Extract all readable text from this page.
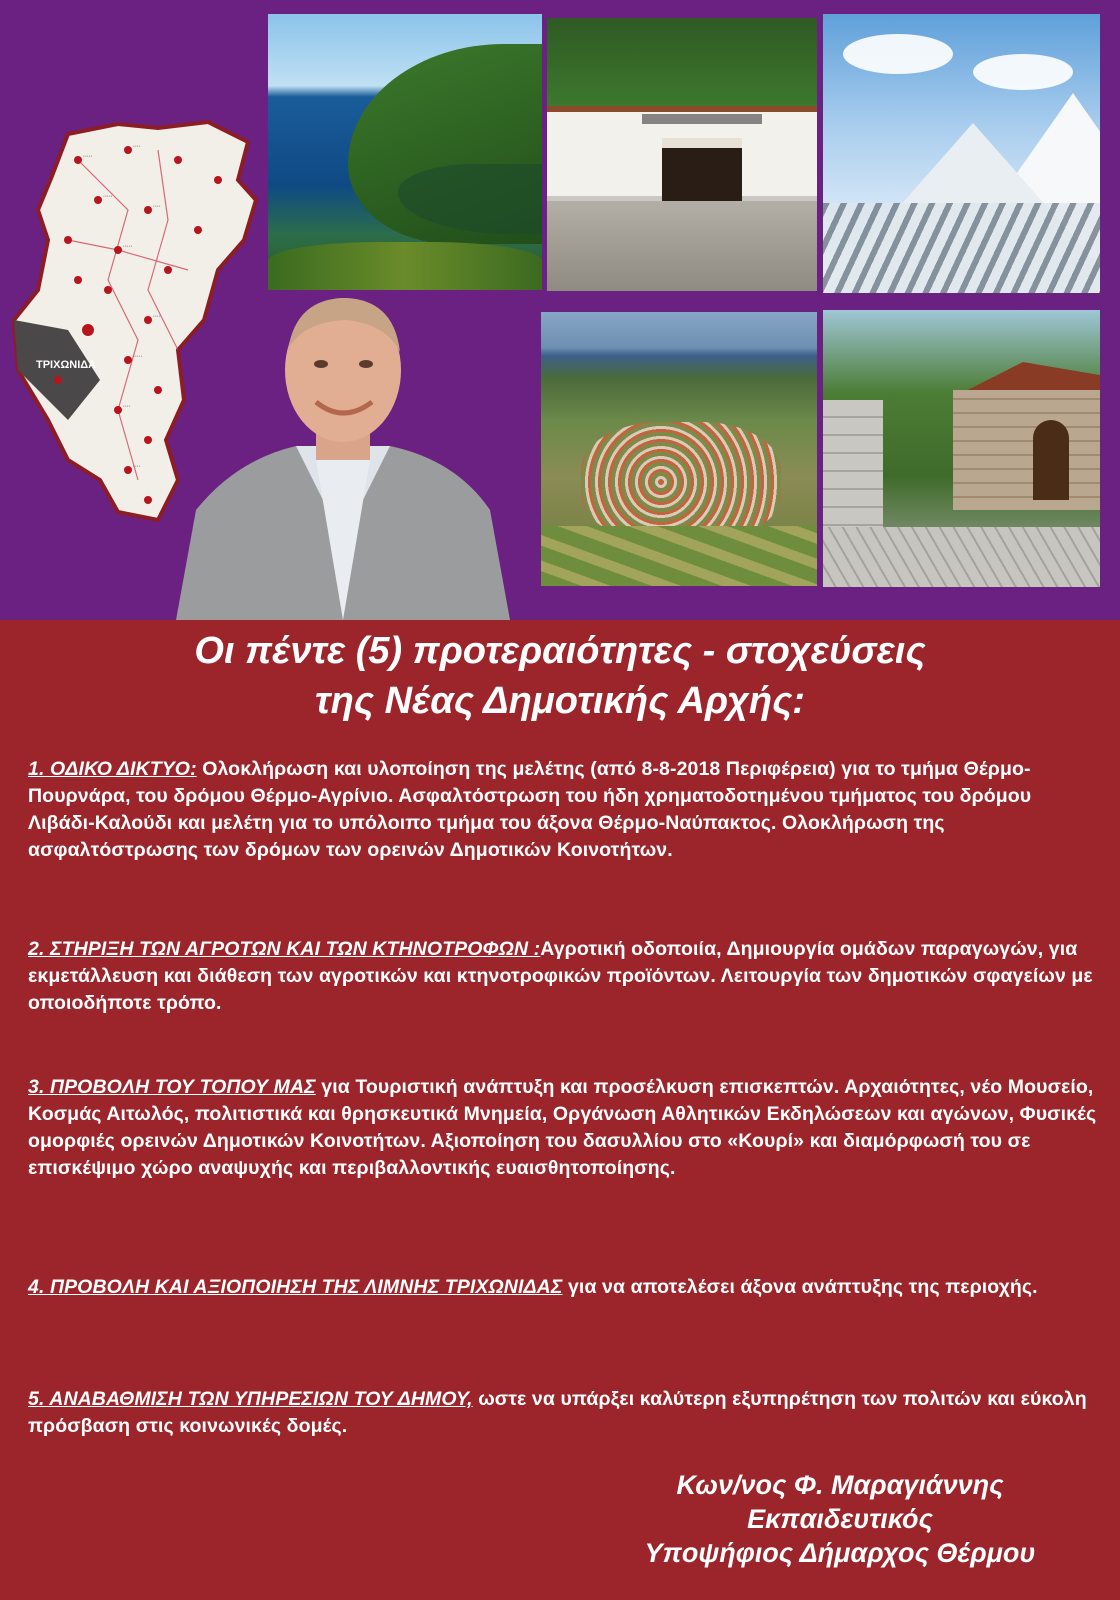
∙∙∙∙∙
∙∙∙∙
∙∙∙∙∙
∙∙∙∙
∙∙∙∙∙
∙∙∙∙
∙∙∙∙∙
∙∙∙∙
∙∙∙∙
ΤΡΙΧΩΝΙΔΑ
Οι πέντε (5) προτεραιότητες - στοχεύσεις
της Νέας Δημοτικής Αρχής:

1. ΟΔΙΚΟ ΔΙΚΤΥΟ: Ολοκλήρωση και υλοποίηση της μελέτης (από 8-8-2018 Περιφέρεια) για το τμήμα Θέρμο-Πουρνάρα, του δρόμου Θέρμο-Αγρίνιο. Ασφαλτόστρωση του ήδη χρηματοδοτημένου τμήματος του δρόμου Λιβάδι-Καλούδι και μελέτη για το υπόλοιπο τμήμα του άξονα Θέρμο-Ναύπακτος. Ολοκλήρωση της ασφαλτόστρωσης των δρόμων των ορεινών Δημοτικών Κοινοτήτων.

2. ΣΤΗΡΙΞΗ ΤΩΝ ΑΓΡΟΤΩΝ ΚΑΙ ΤΩΝ ΚΤΗΝΟΤΡΟΦΩΝ :Αγροτική οδοποιία, Δημιουργία ομάδων παραγωγών, για εκμετάλλευση και διάθεση των αγροτικών και κτηνοτροφικών προϊόντων. Λειτουργία των δημοτικών σφαγείων με οποιοδήποτε τρόπο.

3. ΠΡΟΒΟΛΗ ΤΟΥ ΤΟΠΟΥ ΜΑΣ για Τουριστική ανάπτυξη και προσέλκυση επισκεπτών. Αρχαιότητες, νέο Μουσείο, Κοσμάς Αιτωλός, πολιτιστικά και θρησκευτικά Μνημεία, Οργάνωση Αθλητικών Εκδηλώσεων και αγώνων, Φυσικές ομορφιές ορεινών Δημοτικών Κοινοτήτων. Αξιοποίηση του δασυλλίου στο «Κουρί» και διαμόρφωσή του σε επισκέψιμο χώρο αναψυχής και περιβαλλοντικής ευαισθητοποίησης.

4. ΠΡΟΒΟΛΗ ΚΑΙ ΑΞΙΟΠΟΙΗΣΗ ΤΗΣ ΛΙΜΝΗΣ ΤΡΙΧΩΝΙΔΑΣ για να αποτελέσει άξονα ανάπτυξης της περιοχής.

5. ΑΝΑΒΑΘΜΙΣΗ ΤΩΝ ΥΠΗΡΕΣΙΩΝ ΤΟΥ ΔΗΜΟΥ, ωστε να υπάρξει καλύτερη εξυπηρέτηση των πολιτών και εύκολη πρόσβαση στις κοινωνικές δομές.

Κων/νος Φ. Μαραγιάννης
Εκπαιδευτικός
Υποψήφιος Δήμαρχος Θέρμου
